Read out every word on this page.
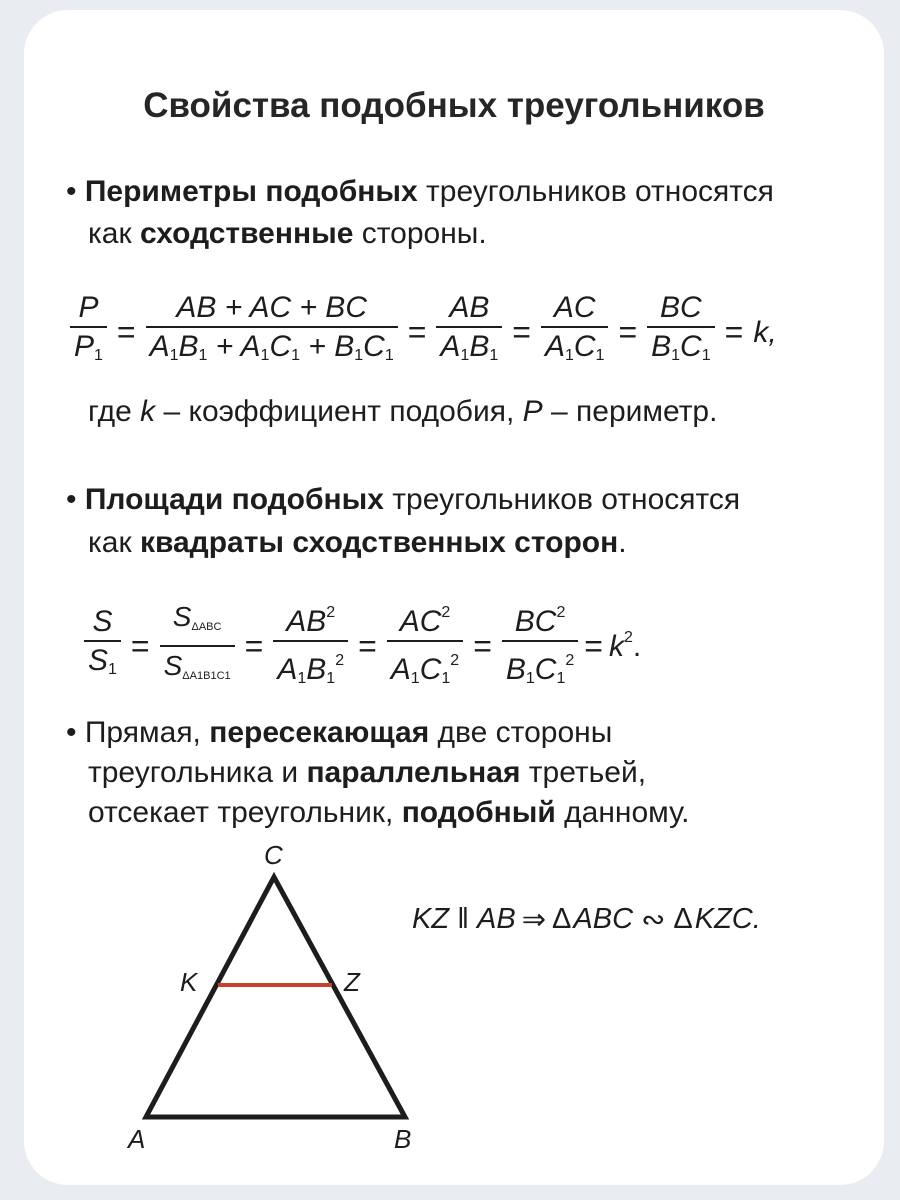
Свойства подобных треугольников
• Периметры подобных треугольников относятся
как сходственные стороны.
$\frac{P}{P_1} = \frac{AB + AC + BC}{A_1B_1 + A_1C_1 + B_1C_1} = \frac{AB}{A_1B_1} = \frac{AC}{A_1C_1} = \frac{BC}{B_1C_1} = k$,
где k – коэффициент подобия, P – периметр.
• Площади подобных треугольников относятся
как квадраты сходственных сторон.
$\frac{S}{S_1}$ =
$S_{\Delta ABC}$
$S_{\Delta A1B1C1}$
= $\frac{AB^2}{A_1B_1^2} = \frac{AC^2}{A_1C_1^2} = \frac{BC^2}{B_1C_1^2} = k^2$.
• Прямая, пересекающая две стороны
треугольника и параллельная третьей,
отсекает треугольник, подобный данному.
C
K	Z
A	B
KZ ‖ AB ⇒ Δ ABC ∾ Δ KZC.
